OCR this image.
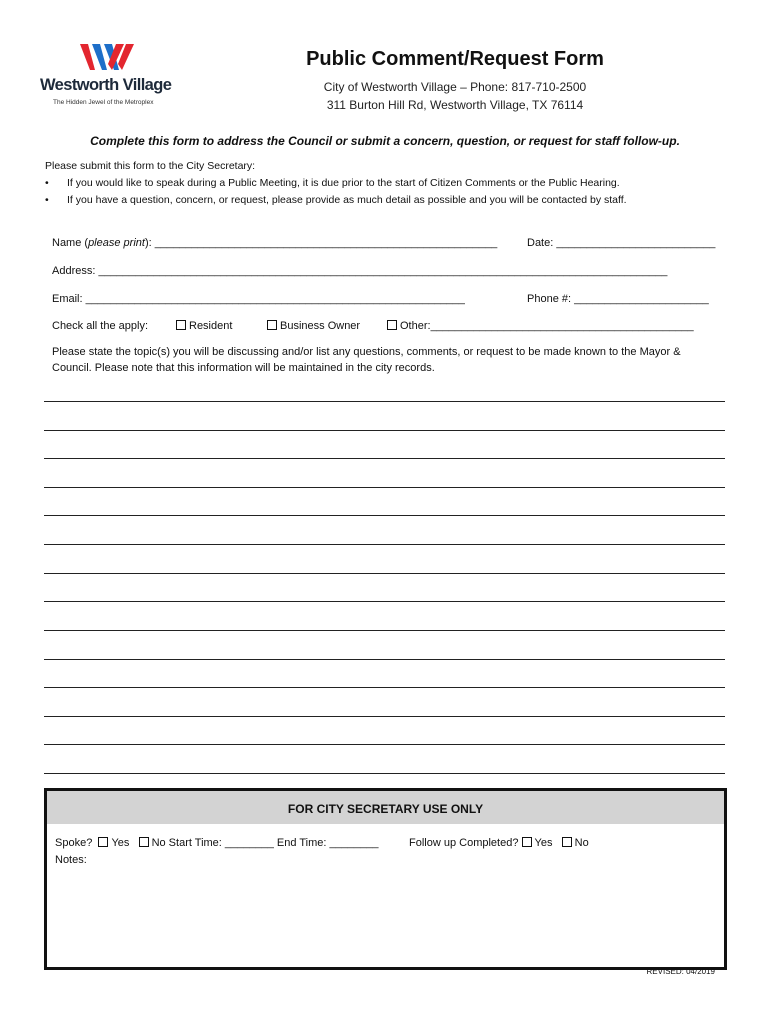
Westworth Village
The Hidden Jewel of the Metroplex
Public Comment/Request Form
City of Westworth Village – Phone: 817-710-2500
311 Burton Hill Rd, Westworth Village, TX 76114
Complete this form to address the Council or submit a concern, question, or request for staff follow-up.
Please submit this form to the City Secretary:
• If you would like to speak during a Public Meeting, it is due prior to the start of Citizen Comments or the Public Hearing.
• If you have a question, concern, or request, please provide as much detail as possible and you will be contacted by staff.
Name (please print): ________________________________________________________	Date: __________________________
Address: _____________________________________________________________________________________________
Email: ______________________________________________________________	Phone #: ______________________
Check all the apply:	Resident	Business Owner	Other:___________________________________________
Please state the topic(s) you will be discussing and/or list any questions, comments, or request to be made known to the Mayor & Council. Please note that this information will be maintained in the city records.
FOR CITY SECRETARY USE ONLY
Spoke? Yes No Start Time: ________ End Time: ________	Follow up Completed? Yes No
Notes:
REVISED: 04/2019
